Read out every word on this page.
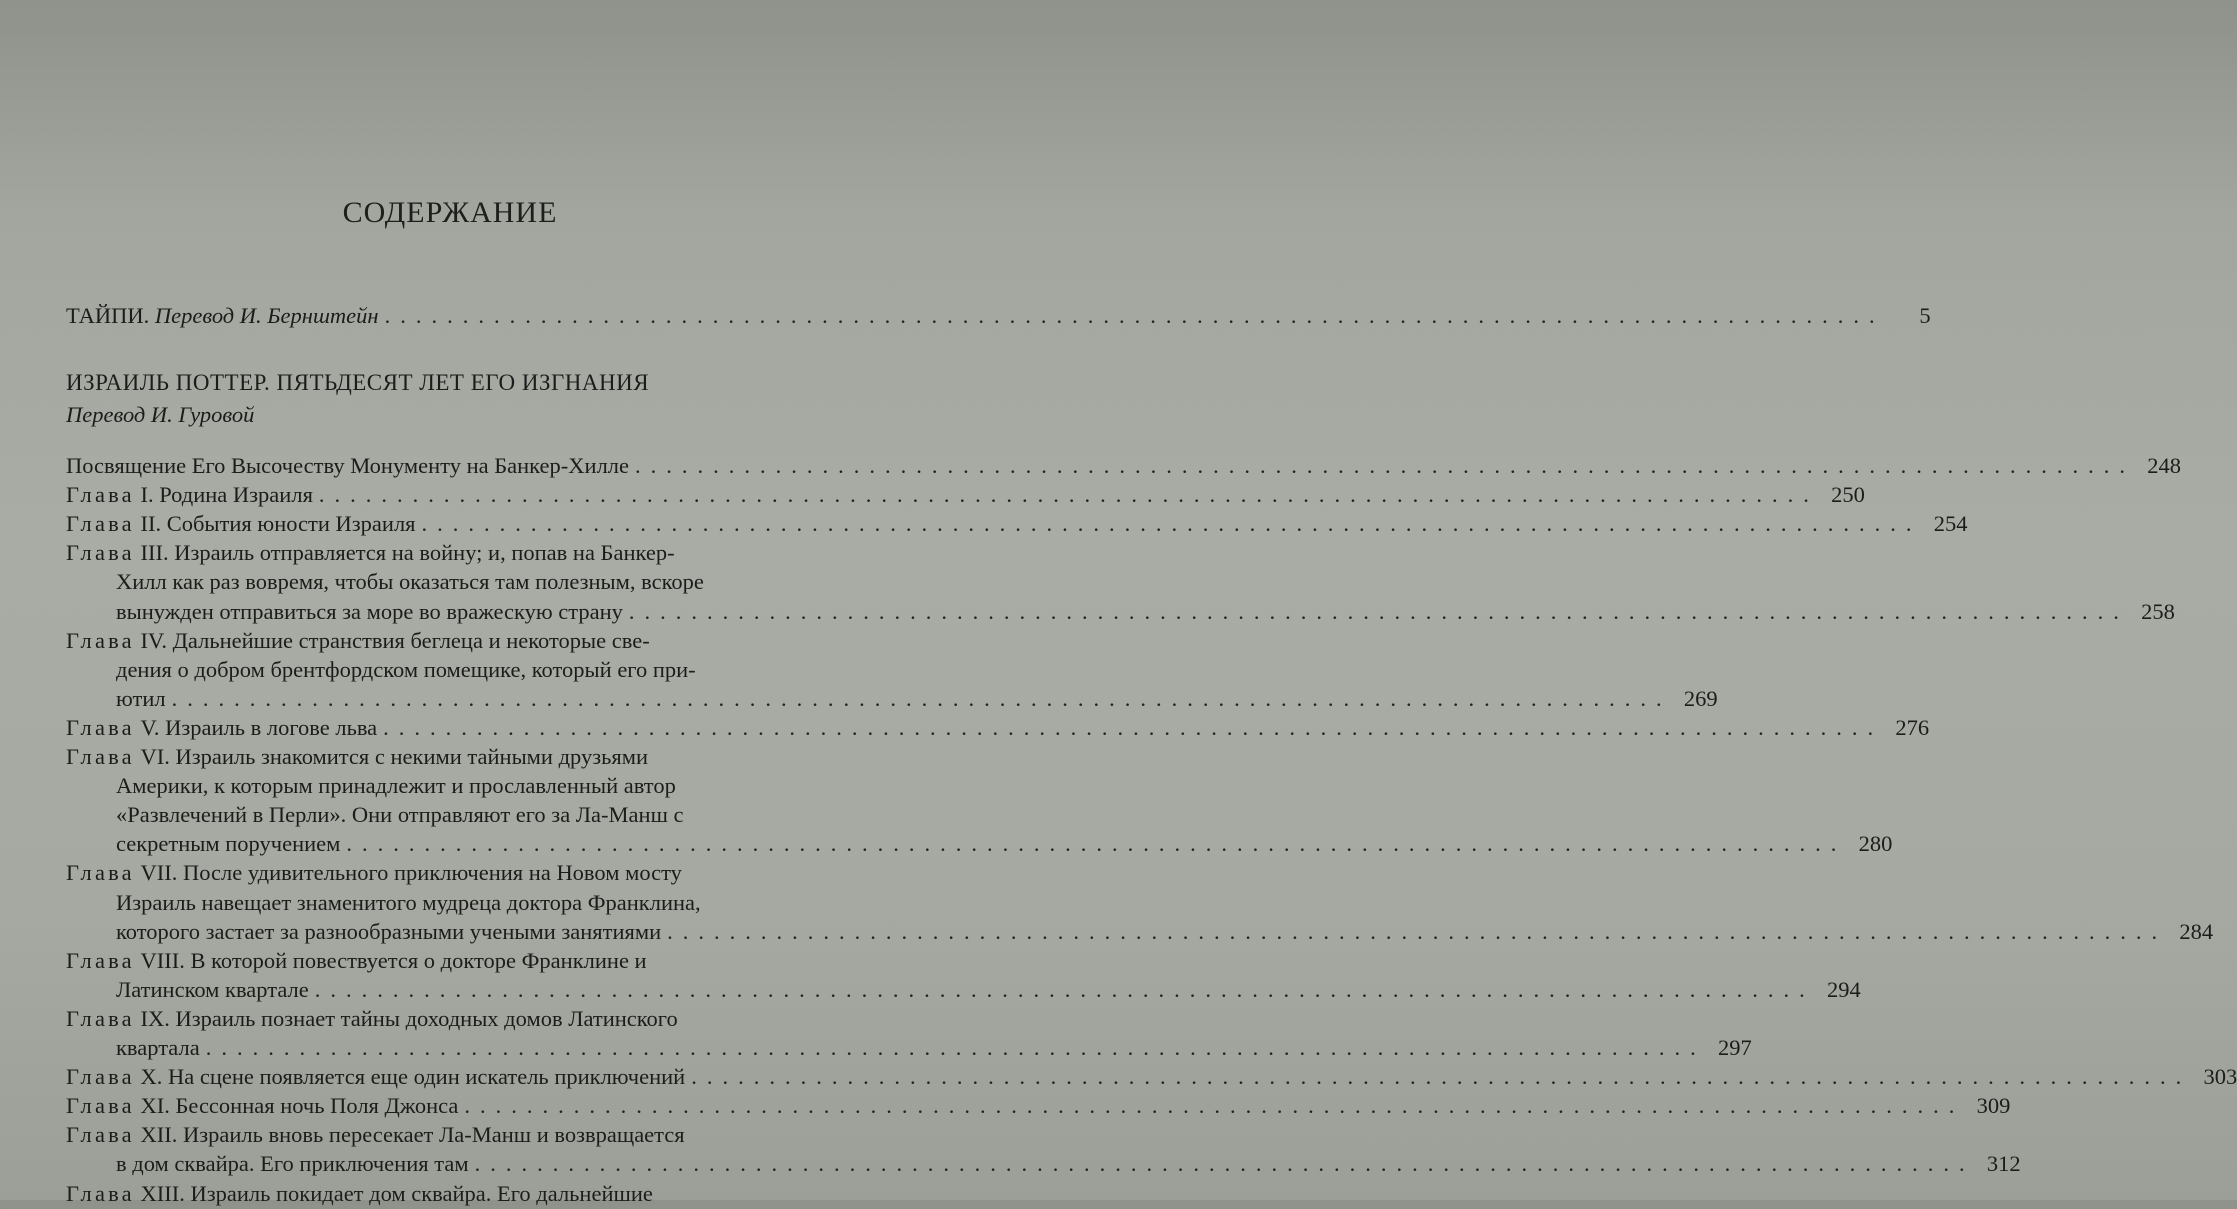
СОДЕРЖАНИЕ
ТАЙПИ. Перевод И. Бернштейн ................................................................................................	5
ИЗРАИЛЬ ПОТТЕР. ПЯТЬДЕСЯТ ЛЕТ ЕГО ИЗГНАНИЯ
Перевод И. Гуровой
Посвящение Его Высочеству Монументу на Банкер-Хилле ................................................................................................ 248
Глава I. Родина Израиля ................................................................................................ 250
Глава II. События юности Израиля ................................................................................................ 254
Глава III. Израиль отправляется на войну; и, попав на Банкер-
Хилл как раз вовремя, чтобы оказаться там полезным, вскоре
вынужден отправиться за море во вражескую страну ................................................................................................ 258
Глава IV. Дальнейшие странствия беглеца и некоторые све-
дения о добром брентфордском помещике, который его при-
ютил ................................................................................................ 269
Глава V. Израиль в логове льва ................................................................................................ 276
Глава VI. Израиль знакомится с некими тайными друзьями
Америки, к которым принадлежит и прославленный автор
«Развлечений в Перли». Они отправляют его за Ла-Манш с
секретным поручением ................................................................................................ 280
Глава VII. После удивительного приключения на Новом мосту
Израиль навещает знаменитого мудреца доктора Франклина,
которого застает за разнообразными учеными занятиями ................................................................................................ 284
Глава VIII. В которой повествуется о докторе Франклине и
Латинском квартале ................................................................................................ 294
Глава IX. Израиль познает тайны доходных домов Латинского
квартала ................................................................................................ 297
Глава X. На сцене появляется еще один искатель приключений ................................................................................................ 303
Глава XI. Бессонная ночь Поля Джонса ................................................................................................ 309
Глава XII. Израиль вновь пересекает Ла-Манш и возвращается
в дом сквайра. Его приключения там ................................................................................................ 312
Глава XIII. Израиль покидает дом сквайра. Его дальнейшие
